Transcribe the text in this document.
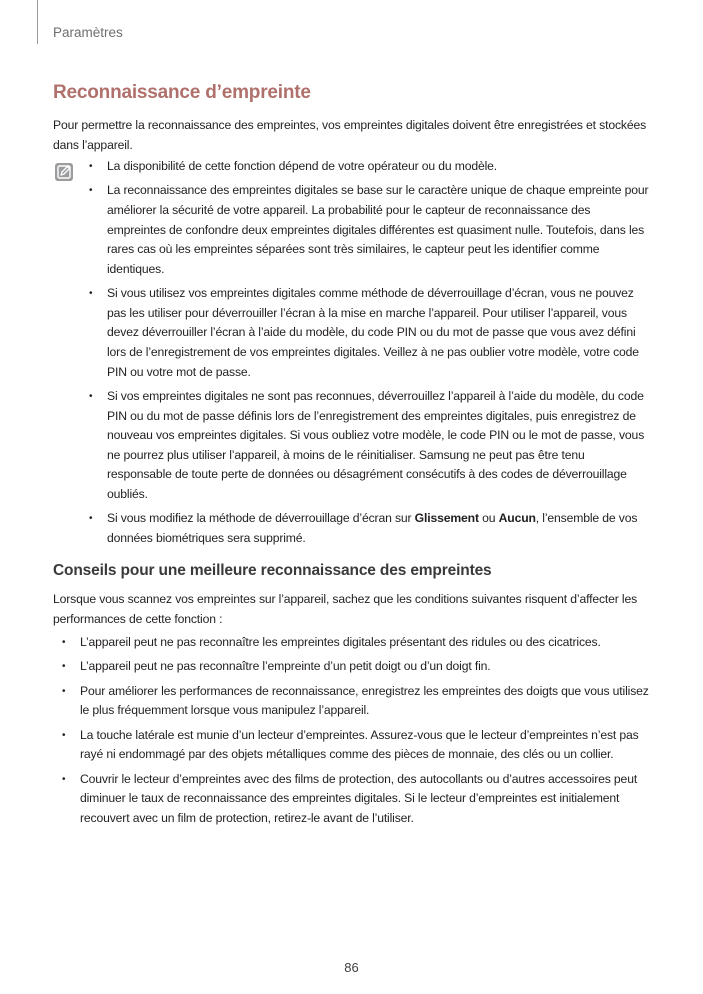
Paramètres
Reconnaissance d’empreinte
Pour permettre la reconnaissance des empreintes, vos empreintes digitales doivent être enregistrées et stockées dans l’appareil.
• La disponibilité de cette fonction dépend de votre opérateur ou du modèle.
• La reconnaissance des empreintes digitales se base sur le caractère unique de chaque empreinte pour améliorer la sécurité de votre appareil. La probabilité pour le capteur de reconnaissance des empreintes de confondre deux empreintes digitales différentes est quasiment nulle. Toutefois, dans les rares cas où les empreintes séparées sont très similaires, le capteur peut les identifier comme identiques.
• Si vous utilisez vos empreintes digitales comme méthode de déverrouillage d’écran, vous ne pouvez pas les utiliser pour déverrouiller l’écran à la mise en marche l’appareil. Pour utiliser l’appareil, vous devez déverrouiller l’écran à l’aide du modèle, du code PIN ou du mot de passe que vous avez défini lors de l’enregistrement de vos empreintes digitales. Veillez à ne pas oublier votre modèle, votre code PIN ou votre mot de passe.
• Si vos empreintes digitales ne sont pas reconnues, déverrouillez l’appareil à l’aide du modèle, du code PIN ou du mot de passe définis lors de l’enregistrement des empreintes digitales, puis enregistrez de nouveau vos empreintes digitales. Si vous oubliez votre modèle, le code PIN ou le mot de passe, vous ne pourrez plus utiliser l’appareil, à moins de le réinitialiser. Samsung ne peut pas être tenu responsable de toute perte de données ou désagrément consécutifs à des codes de déverrouillage oubliés.
• Si vous modifiez la méthode de déverrouillage d’écran sur Glissement ou Aucun, l’ensemble de vos données biométriques sera supprimé.
Conseils pour une meilleure reconnaissance des empreintes
Lorsque vous scannez vos empreintes sur l’appareil, sachez que les conditions suivantes risquent d’affecter les performances de cette fonction :
• L’appareil peut ne pas reconnaître les empreintes digitales présentant des ridules ou des cicatrices.
• L’appareil peut ne pas reconnaître l’empreinte d’un petit doigt ou d’un doigt fin.
• Pour améliorer les performances de reconnaissance, enregistrez les empreintes des doigts que vous utilisez le plus fréquemment lorsque vous manipulez l’appareil.
• La touche latérale est munie d’un lecteur d’empreintes. Assurez-vous que le lecteur d’empreintes n’est pas rayé ni endommagé par des objets métalliques comme des pièces de monnaie, des clés ou un collier.
• Couvrir le lecteur d’empreintes avec des films de protection, des autocollants ou d’autres accessoires peut diminuer le taux de reconnaissance des empreintes digitales. Si le lecteur d’empreintes est initialement recouvert avec un film de protection, retirez-le avant de l’utiliser.
86
